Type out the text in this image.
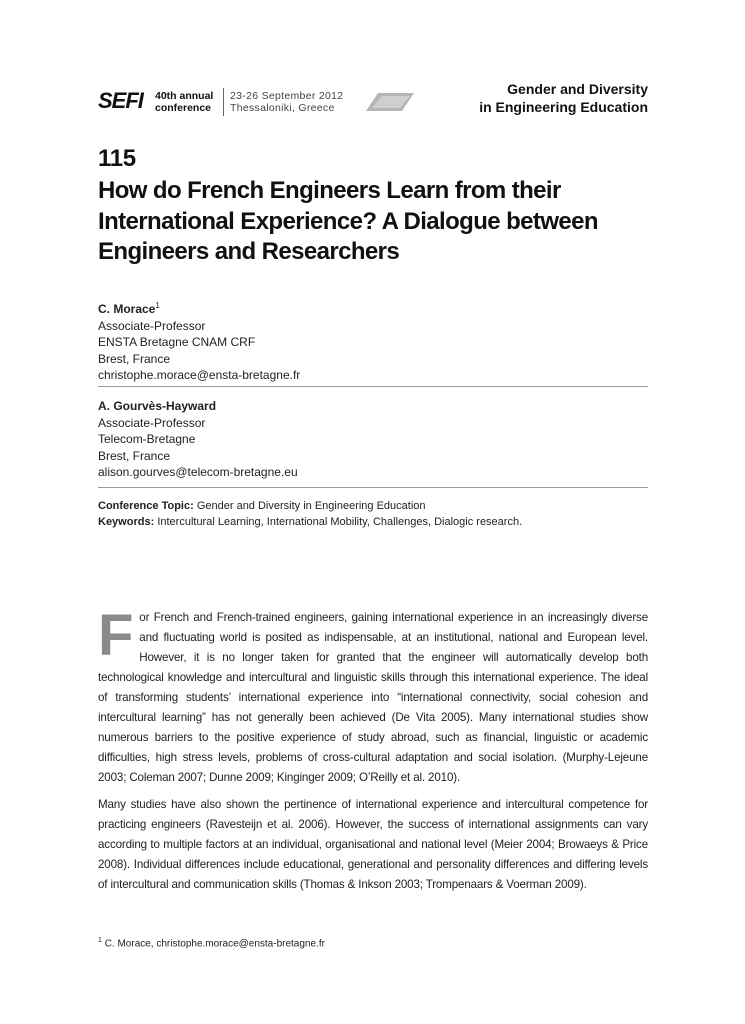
SEFI 40th annual
conference
23-26 September 2012
Thessaloniki, Greece
Gender and Diversity
in Engineering Education
115
How do French Engineers Learn from their International Experience? A Dialogue between Engineers and Researchers
C. Morace$^1$
Associate-Professor
ENSTA Bretagne CNAM CRF
Brest, France
christophe.morace@ensta-bretagne.fr
A. Gourvès-Hayward
Associate-Professor
Telecom-Bretagne
Brest, France
alison.gourves@telecom-bretagne.eu
Conference Topic: Gender and Diversity in Engineering Education
Keywords: Intercultural Learning, International Mobility, Challenges, Dialogic research.

For French and French-trained engineers, gaining international experience in an increasingly diverse and fluctuating world is posited as indispensable, at an institutional, national and European level. However, it is no longer taken for granted that the engineer will automatically develop both technological knowledge and intercultural and linguistic skills through this international experience. The ideal of transforming students’ international experience into “international connectivity, social cohesion and intercultural learning” has not generally been achieved (De Vita 2005). Many international studies show numerous barriers to the positive experience of study abroad, such as financial, linguistic or academic difficulties, high stress levels, problems of cross-cultural adaptation and social isolation. (Murphy-Lejeune 2003; Coleman 2007; Dunne 2009; Kinginger 2009; O’Reilly et al. 2010).

Many studies have also shown the pertinence of international experience and intercultural competence for practicing engineers (Ravesteijn et al. 2006). However, the success of international assignments can vary according to multiple factors at an individual, organisational and national level (Meier 2004; Browaeys & Price 2008). Individual differences include educational, generational and personality differences and differing levels of intercultural and communication skills (Thomas & Inkson 2003; Trompenaars & Voerman 2009).

$^1$ C. Morace, christophe.morace@ensta-bretagne.fr
